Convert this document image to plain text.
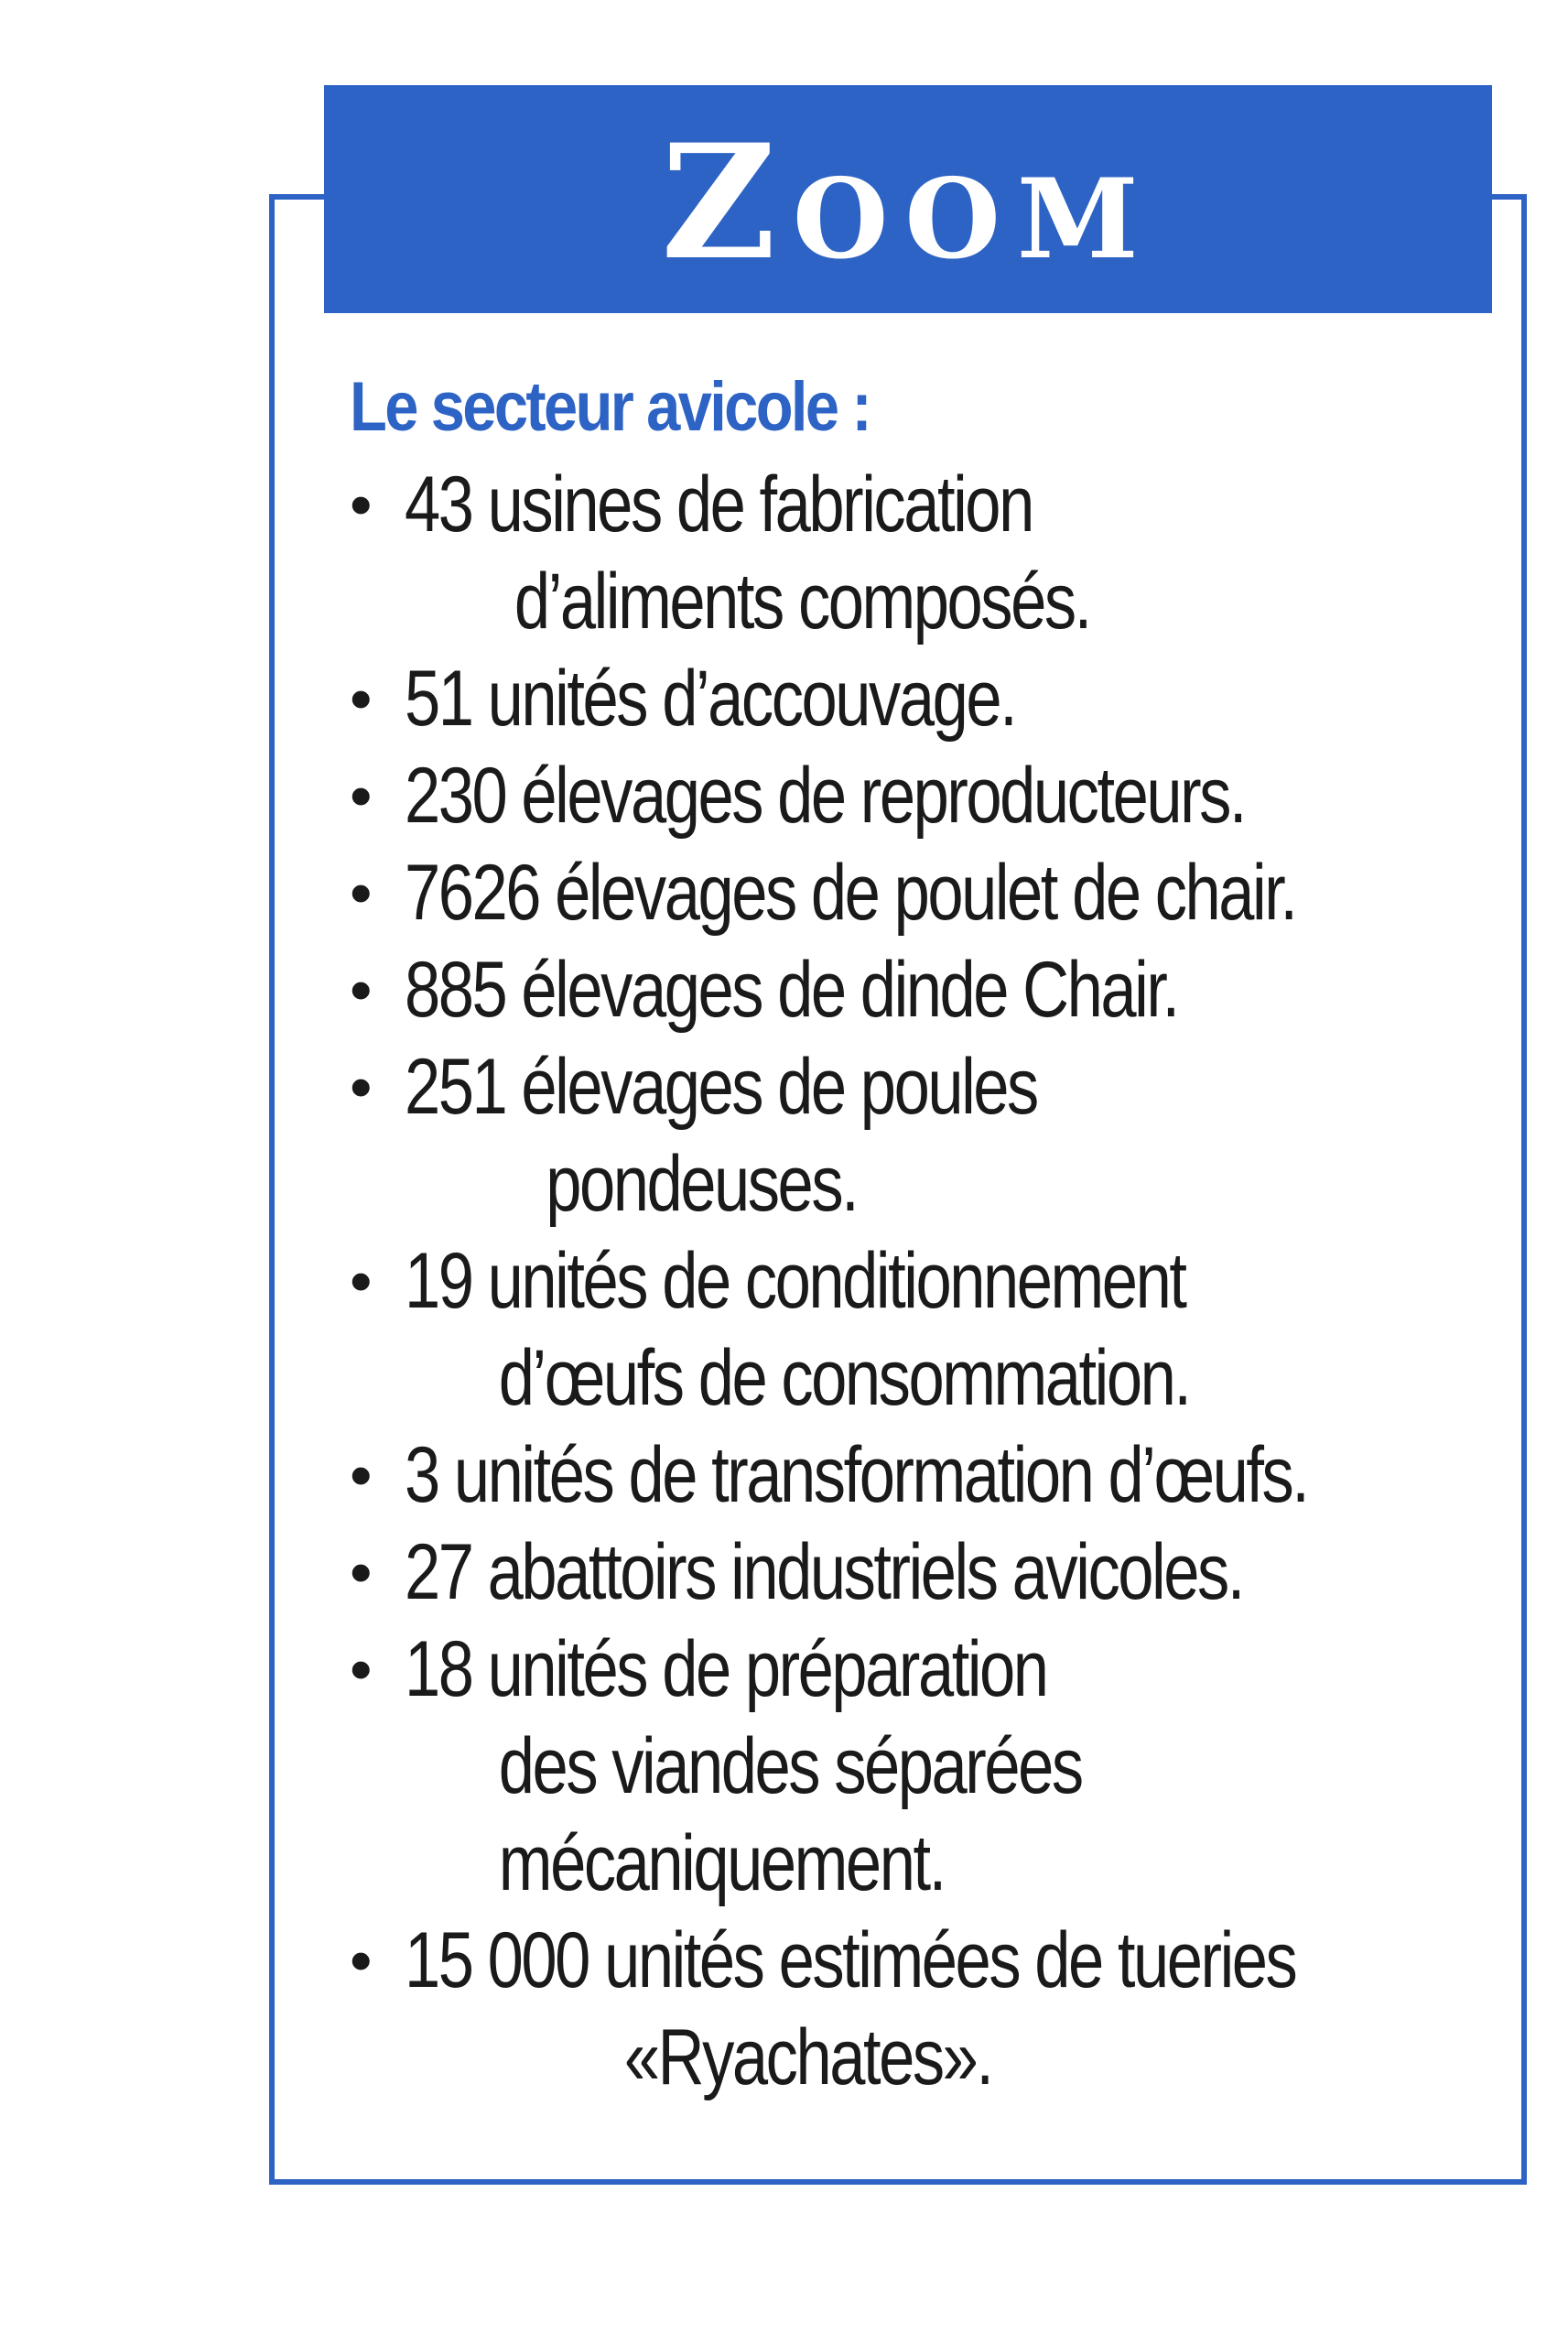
Zoom
Le secteur avicole :
• 43 usines de fabrication
d’aliments composés.
• 51 unités d’accouvage.
• 230 élevages de reproducteurs.
• 7626 élevages de poulet de chair.
• 885 élevages de dinde Chair.
• 251 élevages de poules
pondeuses.
• 19 unités de conditionnement
d’œufs de consommation.
• 3 unités de transformation d’œufs.
• 27 abattoirs industriels avicoles.
• 18 unités de préparation
des viandes séparées
mécaniquement.
• 15 000 unités estimées de tueries
«Ryachates».
